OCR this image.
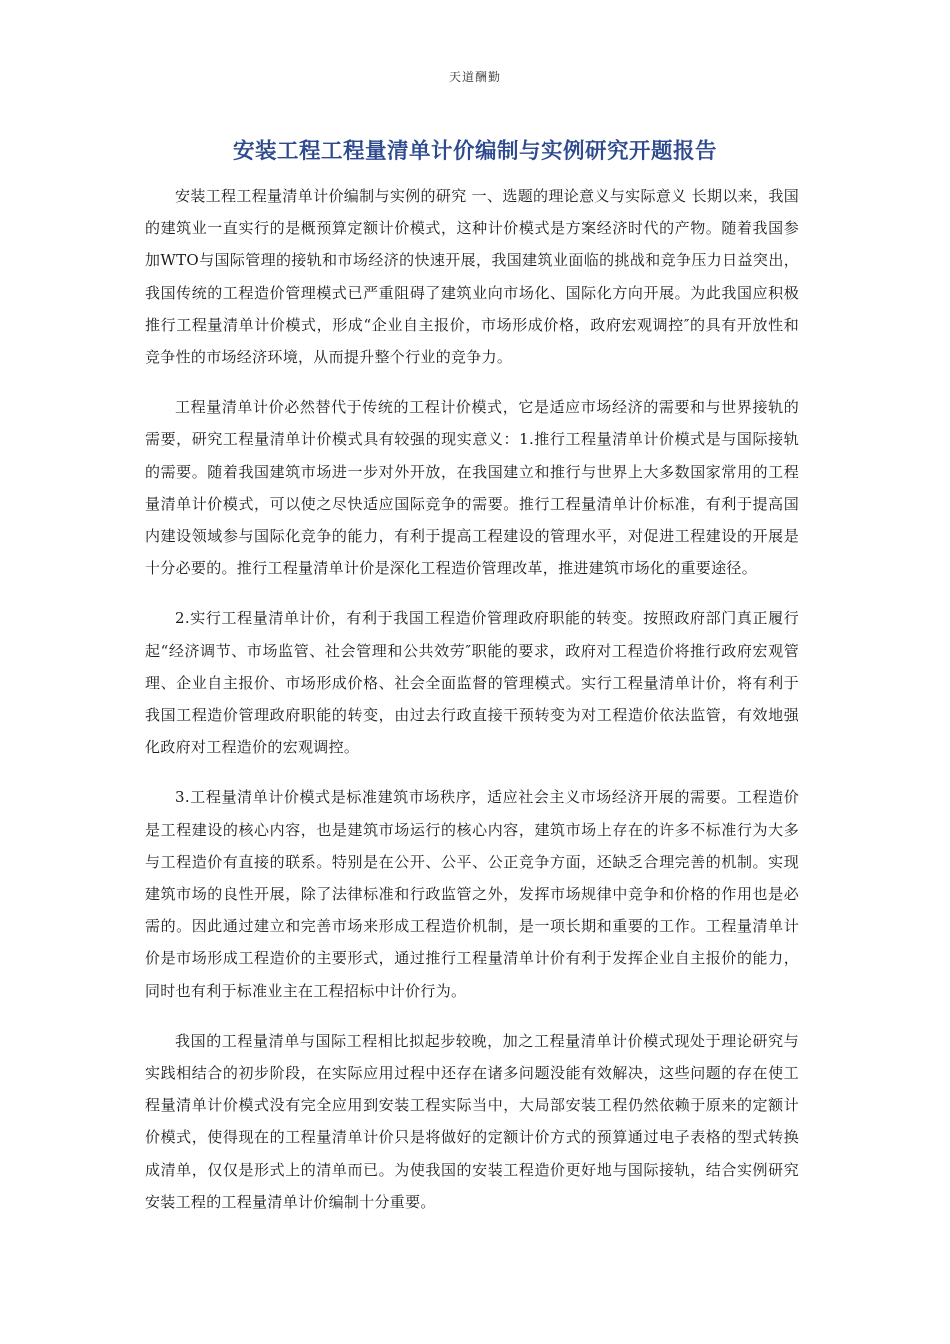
天道酬勤
安装工程工程量清单计价编制与实例研究开题报告

安装工程工程量清单计价编制与实例的研究 一、选题的理论意义与实际意义 长期以来，我国的建筑业一直实行的是概预算定额计价模式，这种计价模式是方案经济时代的产物。随着我国参加WTO与国际管理的接轨和市场经济的快速开展，我国建筑业面临的挑战和竞争压力日益突出，我国传统的工程造价管理模式已严重阻碍了建筑业向市场化、国际化方向开展。为此我国应积极推行工程量清单计价模式，形成“企业自主报价，市场形成价格，政府宏观调控″的具有开放性和竞争性的市场经济环境，从而提升整个行业的竞争力。

工程量清单计价必然替代于传统的工程计价模式，它是适应市场经济的需要和与世界接轨的需要，研究工程量清单计价模式具有较强的现实意义：1.推行工程量清单计价模式是与国际接轨的需要。随着我国建筑市场进一步对外开放，在我国建立和推行与世界上大多数国家常用的工程量清单计价模式，可以使之尽快适应国际竞争的需要。推行工程量清单计价标准，有利于提高国内建设领域参与国际化竞争的能力，有利于提高工程建设的管理水平，对促进工程建设的开展是十分必要的。推行工程量清单计价是深化工程造价管理改革，推进建筑市场化的重要途径。

2.实行工程量清单计价，有利于我国工程造价管理政府职能的转变。按照政府部门真正履行起“经济调节、市场监管、社会管理和公共效劳″职能的要求，政府对工程造价将推行政府宏观管理、企业自主报价、市场形成价格、社会全面监督的管理模式。实行工程量清单计价，将有利于我国工程造价管理政府职能的转变，由过去行政直接干预转变为对工程造价依法监管，有效地强化政府对工程造价的宏观调控。

3.工程量清单计价模式是标准建筑市场秩序，适应社会主义市场经济开展的需要。工程造价是工程建设的核心内容，也是建筑市场运行的核心内容，建筑市场上存在的许多不标准行为大多与工程造价有直接的联系。特别是在公开、公平、公正竞争方面，还缺乏合理完善的机制。实现建筑市场的良性开展，除了法律标准和行政监管之外，发挥市场规律中竞争和价格的作用也是必需的。因此通过建立和完善市场来形成工程造价机制，是一项长期和重要的工作。工程量清单计价是市场形成工程造价的主要形式，通过推行工程量清单计价有利于发挥企业自主报价的能力，同时也有利于标准业主在工程招标中计价行为。

我国的工程量清单与国际工程相比拟起步较晚，加之工程量清单计价模式现处于理论研究与实践相结合的初步阶段，在实际应用过程中还存在诸多问题没能有效解决，这些问题的存在使工程量清单计价模式没有完全应用到安装工程实际当中，大局部安装工程仍然依赖于原来的定额计价模式，使得现在的工程量清单计价只是将做好的定额计价方式的预算通过电子表格的型式转换成清单，仅仅是形式上的清单而已。为使我国的安装工程造价更好地与国际接轨，结合实例研究安装工程的工程量清单计价编制十分重要。
